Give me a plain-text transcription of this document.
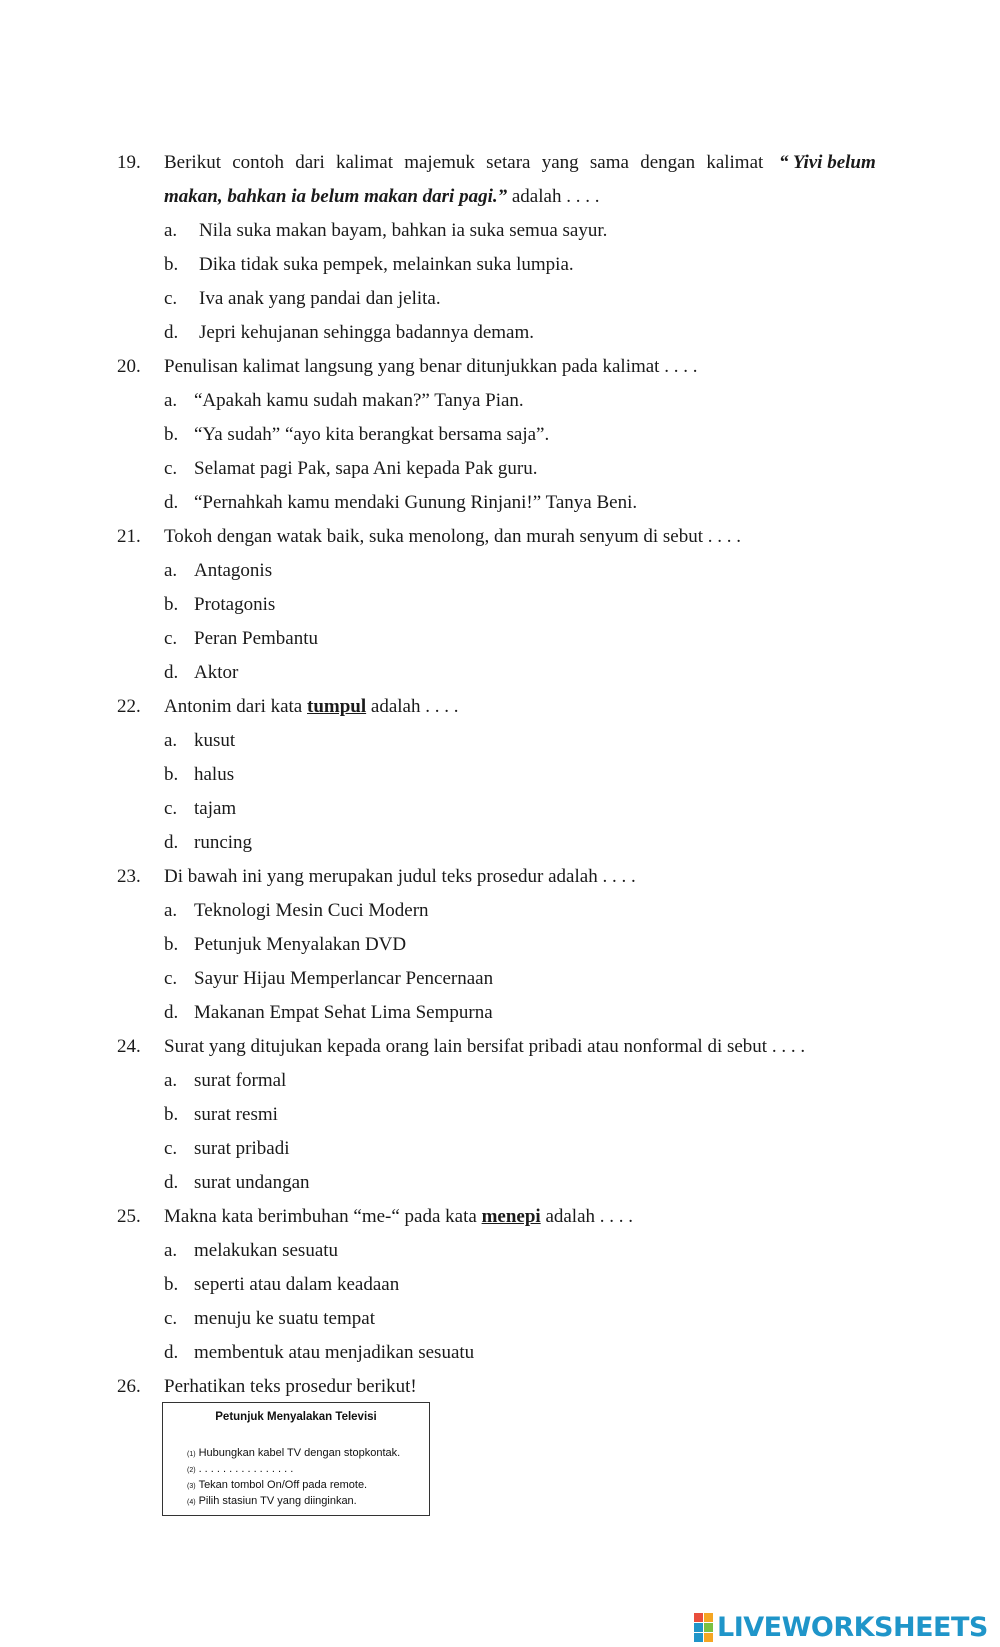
19. Berikut contoh dari kalimat majemuk setara yang sama dengan kalimat “ Yivi belum
makan, bahkan ia belum makan dari pagi.” adalah . . . .
a. Nila suka makan bayam, bahkan ia suka semua sayur.
b. Dika tidak suka pempek, melainkan suka lumpia.
c. Iva anak yang pandai dan jelita.
d. Jepri kehujanan sehingga badannya demam.
20. Penulisan kalimat langsung yang benar ditunjukkan pada kalimat . . . .
a. “Apakah kamu sudah makan?” Tanya Pian.
b. “Ya sudah” “ayo kita berangkat bersama saja”.
c. Selamat pagi Pak, sapa Ani kepada Pak guru.
d. “Pernahkah kamu mendaki Gunung Rinjani!” Tanya Beni.
21. Tokoh dengan watak baik, suka menolong, dan murah senyum di sebut . . . .
a. Antagonis
b. Protagonis
c. Peran Pembantu
d. Aktor
22. Antonim dari kata tumpul adalah . . . .
a. kusut
b. halus
c. tajam
d. runcing
23. Di bawah ini yang merupakan judul teks prosedur adalah . . . .
a. Teknologi Mesin Cuci Modern
b. Petunjuk Menyalakan DVD
c. Sayur Hijau Memperlancar Pencernaan
d. Makanan Empat Sehat Lima Sempurna
24. Surat yang ditujukan kepada orang lain bersifat pribadi atau nonformal di sebut . . . .
a. surat formal
b. surat resmi
c. surat pribadi
d. surat undangan
25. Makna kata berimbuhan “me-“ pada kata menepi adalah . . . .
a. melakukan sesuatu
b. seperti atau dalam keadaan
c. menuju ke suatu tempat
d. membentuk atau menjadikan sesuatu
26. Perhatikan teks prosedur berikut!
Petunjuk Menyalakan Televisi
(1) Hubungkan kabel TV dengan stopkontak.
(2) . . . . . . . . . . . . . . . .
(3) Tekan tombol On/Off pada remote.
(4) Pilih stasiun TV yang diinginkan.
LIVEWORKSHEETS
